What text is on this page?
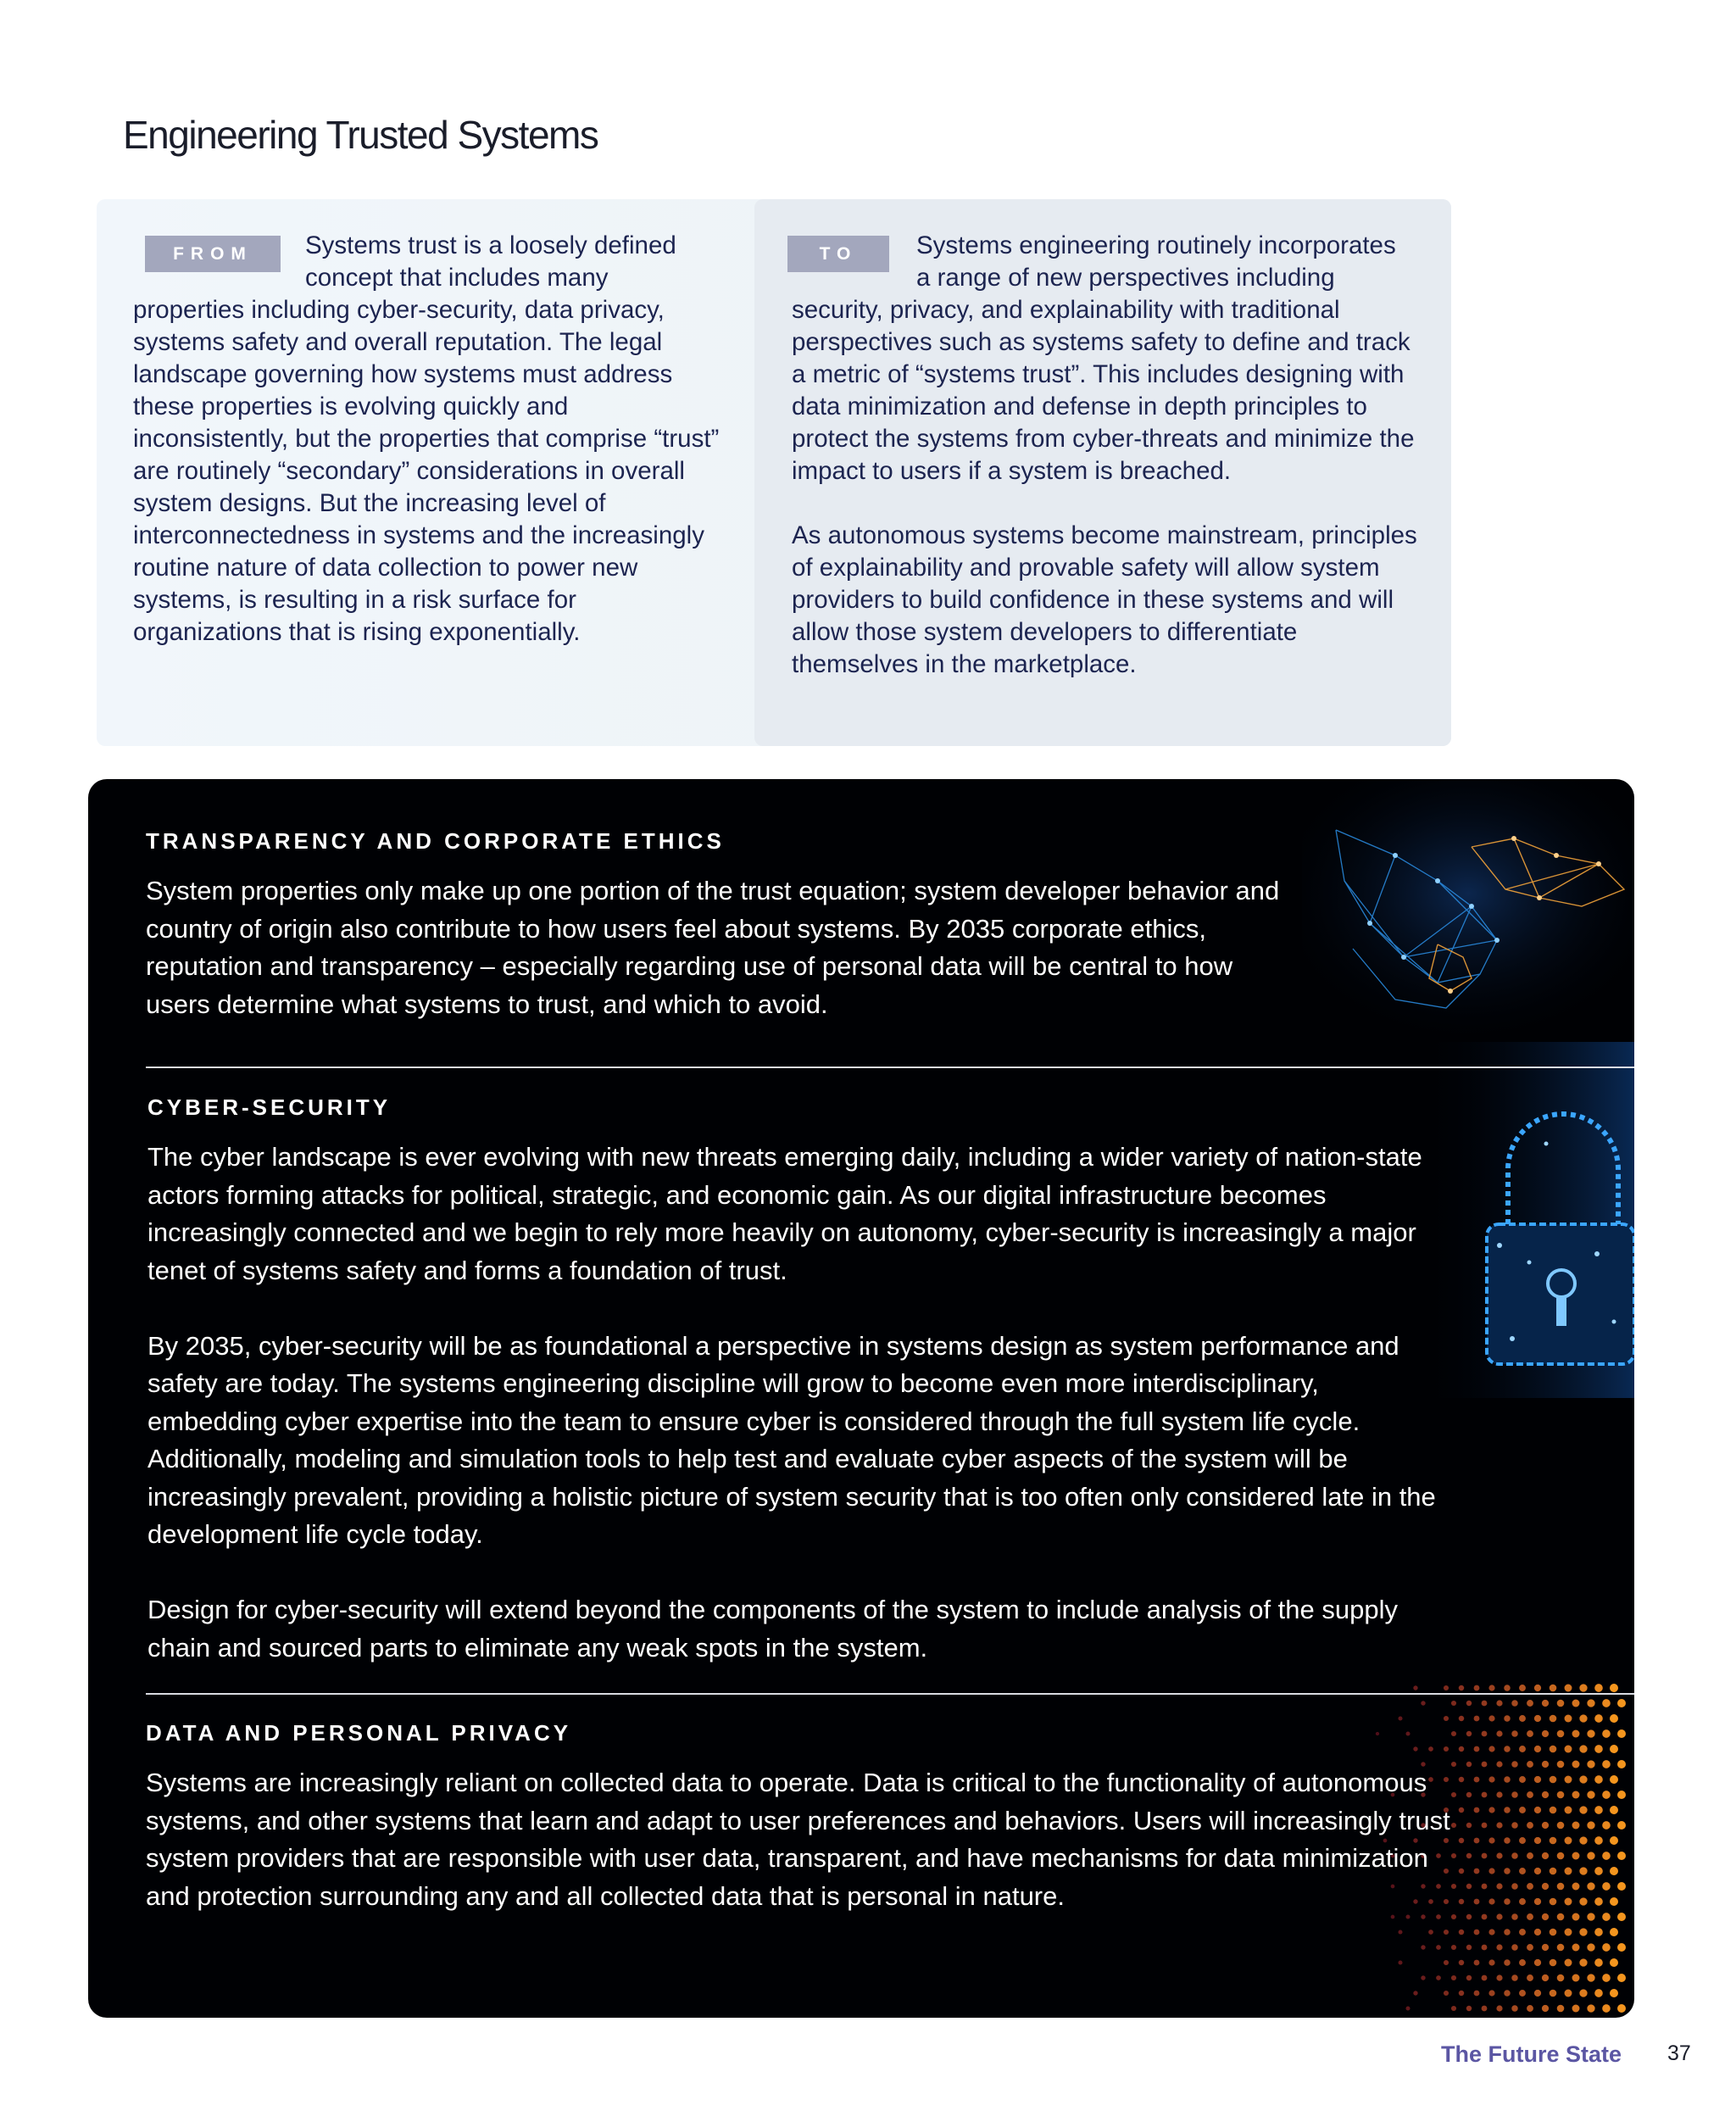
Engineering Trusted Systems
FROM	Systems trust is a loosely defined
concept that includes many
properties including cyber-security, data privacy, systems safety and overall reputation. The legal landscape governing how systems must address these properties is evolving quickly and inconsistently, but the properties that comprise “trust” are routinely “secondary” considerations in overall system designs. But the increasing level of interconnectedness in systems and the increasingly routine nature of data collection to power new systems, is resulting in a risk surface for organizations that is rising exponentially.
TO	Systems engineering routinely incorporates
a range of new perspectives including

security, privacy, and explainability with traditional perspectives such as systems safety to define and track a metric of “systems trust”. This includes designing with data minimization and defense in depth principles to protect the systems from cyber-threats and minimize the impact to users if a system is breached.

As autonomous systems become mainstream, principles of explainability and provable safety will allow system providers to build confidence in these systems and will allow those system developers to differentiate themselves in the marketplace.

TRANSPARENCY AND CORPORATE ETHICS

System properties only make up one portion of the trust equation; system developer behavior and country of origin also contribute to how users feel about systems. By 2035 corporate ethics, reputation and transparency – especially regarding use of personal data will be central to how users determine what systems to trust, and which to avoid.

CYBER-SECURITY

The cyber landscape is ever evolving with new threats emerging daily, including a wider variety of nation-state actors forming attacks for political, strategic, and economic gain. As our digital infrastructure becomes increasingly connected and we begin to rely more heavily on autonomy, cyber-security is increasingly a major tenet of systems safety and forms a foundation of trust.

By 2035, cyber-security will be as foundational a perspective in systems design as system performance and safety are today. The systems engineering discipline will grow to become even more interdisciplinary, embedding cyber expertise into the team to ensure cyber is considered through the full system life cycle. Additionally, modeling and simulation tools to help test and evaluate cyber aspects of the system will be increasingly prevalent, providing a holistic picture of system security that is too often only considered late in the development life cycle today.

Design for cyber-security will extend beyond the components of the system to include analysis of the supply chain and sourced parts to eliminate any weak spots in the system.

DATA AND PERSONAL PRIVACY

Systems are increasingly reliant on collected data to operate. Data is critical to the functionality of autonomous systems, and other systems that learn and adapt to user preferences and behaviors. Users will increasingly trust system providers that are responsible with user data, transparent, and have mechanisms for data minimization and protection surrounding any and all collected data that is personal in nature.

The Future State 37
